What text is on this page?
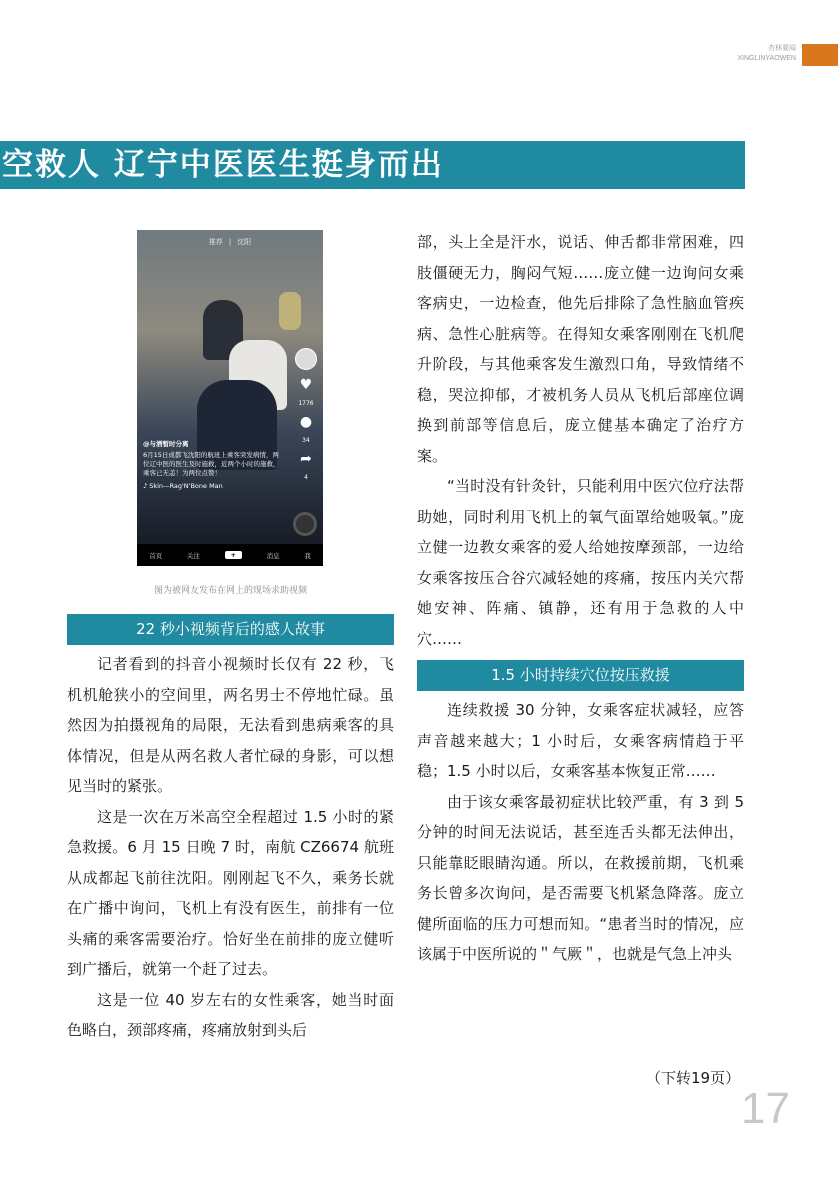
杏林要闻
XINGLINYAOWEN
空救人 辽宁中医医生挺身而出
推荐 | 沈阳
♥
1776
●
34
➦
4
@与酒暂时分离
6月15日成都飞沈阳的航班上乘客突发病情，两位辽中医的医生及时施救，近两个小时的施救，乘客已无恙！为两位点赞！
♪ Skin—Rag'N'Bone Man
首页	关注	+	消息	我
图为被网友发布在网上的现场求助视频
22 秒小视频背后的感人故事

记者看到的抖音小视频时长仅有 22 秒，飞机机舱狭小的空间里，两名男士不停地忙碌。虽然因为拍摄视角的局限，无法看到患病乘客的具体情况，但是从两名救人者忙碌的身影，可以想见当时的紧张。

这是一次在万米高空全程超过 1.5 小时的紧急救援。6 月 15 日晚 7 时，南航 CZ6674 航班从成都起飞前往沈阳。刚刚起飞不久，乘务长就在广播中询问，飞机上有没有医生，前排有一位头痛的乘客需要治疗。恰好坐在前排的庞立健听到广播后，就第一个赶了过去。

这是一位 40 岁左右的女性乘客，她当时面色略白，颈部疼痛，疼痛放射到头后

部，头上全是汗水，说话、伸舌都非常困难，四肢僵硬无力，胸闷气短……庞立健一边询问女乘客病史，一边检查，他先后排除了急性脑血管疾病、急性心脏病等。在得知女乘客刚刚在飞机爬升阶段，与其他乘客发生激烈口角，导致情绪不稳，哭泣抑郁，才被机务人员从飞机后部座位调换到前部等信息后，庞立健基本确定了治疗方案。

“当时没有针灸针，只能利用中医穴位疗法帮助她，同时利用飞机上的氧气面罩给她吸氧。”庞立健一边教女乘客的爱人给她按摩颈部，一边给女乘客按压合谷穴减轻她的疼痛，按压内关穴帮她安神、阵痛、镇静，还有用于急救的人中穴……

1.5 小时持续穴位按压救援

连续救援 30 分钟，女乘客症状减轻，应答声音越来越大；1 小时后，女乘客病情趋于平稳；1.5 小时以后，女乘客基本恢复正常……

由于该女乘客最初症状比较严重，有 3 到 5 分钟的时间无法说话，甚至连舌头都无法伸出，只能靠眨眼睛沟通。所以，在救援前期，飞机乘务长曾多次询问，是否需要飞机紧急降落。庞立健所面临的压力可想而知。“患者当时的情况，应该属于中医所说的＂气厥＂，也就是气急上冲头

（下转19页）
17
